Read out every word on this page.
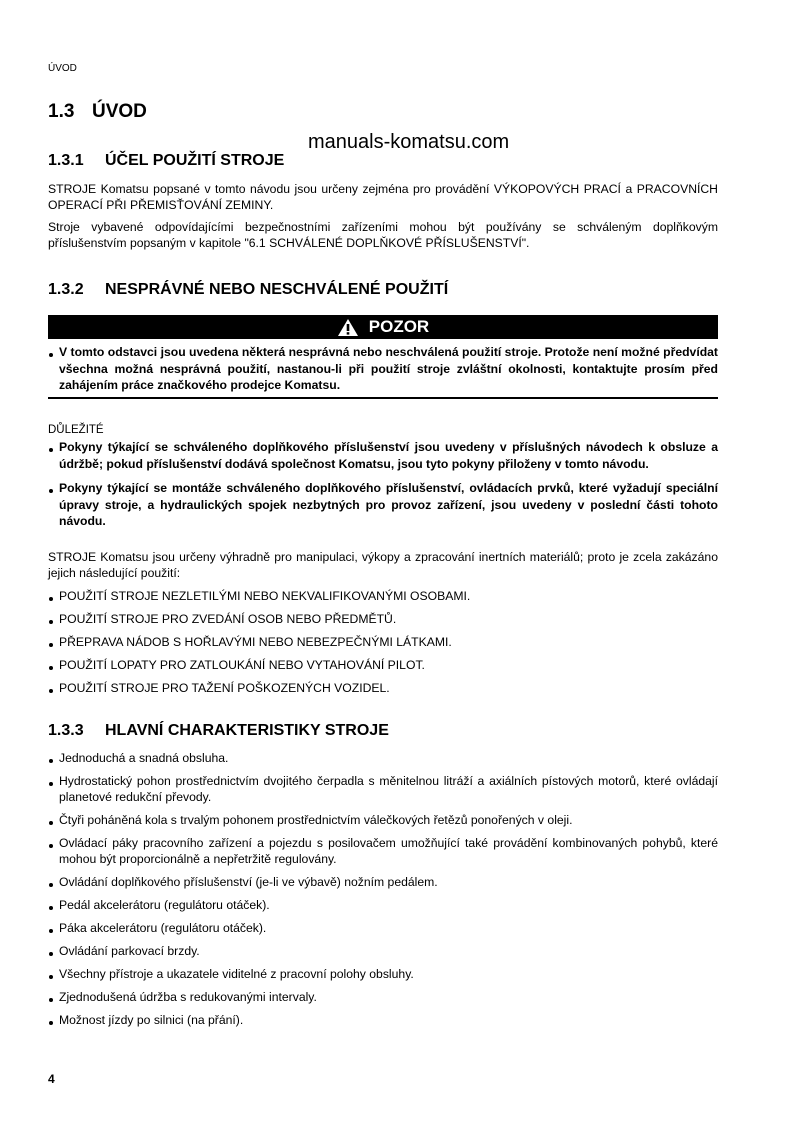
ÚVOD
1.3 ÚVOD
manuals-komatsu.com
1.3.1 ÚČEL POUŽITÍ STROJE

STROJE Komatsu popsané v tomto návodu jsou určeny zejména pro provádění VÝKOPOVÝCH PRACÍ a PRACOVNÍCH OPERACÍ PŘI PŘEMISŤOVÁNÍ ZEMINY.

Stroje vybavené odpovídajícími bezpečnostními zařízeními mohou být používány se schváleným doplňkovým příslušenstvím popsaným v kapitole "6.1 SCHVÁLENÉ DOPLŇKOVÉ PŘÍSLUŠENSTVÍ".

1.3.2 NESPRÁVNÉ NEBO NESCHVÁLENÉ POUŽITÍ
POZOR
V tomto odstavci jsou uvedena některá nesprávná nebo neschválená použití stroje. Protože není možné předvídat všechna možná nesprávná použití, nastanou-li při použití stroje zvláštní okolnosti, kontaktujte prosím před zahájením práce značkového prodejce Komatsu.
DŮLEŽITÉ
Pokyny týkající se schváleného doplňkového příslušenství jsou uvedeny v příslušných návodech k obsluze a údržbě; pokud příslušenství dodává společnost Komatsu, jsou tyto pokyny přiloženy v tomto návodu.
Pokyny týkající se montáže schváleného doplňkového příslušenství, ovládacích prvků, které vyžadují speciální úpravy stroje, a hydraulických spojek nezbytných pro provoz zařízení, jsou uvedeny v poslední části tohoto návodu.

STROJE Komatsu jsou určeny výhradně pro manipulaci, výkopy a zpracování inertních materiálů; proto je zcela zakázáno jejich následující použití:

POUŽITÍ STROJE NEZLETILÝMI NEBO NEKVALIFIKOVANÝMI OSOBAMI.
POUŽITÍ STROJE PRO ZVEDÁNÍ OSOB NEBO PŘEDMĚTŮ.
PŘEPRAVA NÁDOB S HOŘLAVÝMI NEBO NEBEZPEČNÝMI LÁTKAMI.
POUŽITÍ LOPATY PRO ZATLOUKÁNÍ NEBO VYTAHOVÁNÍ PILOT.
POUŽITÍ STROJE PRO TAŽENÍ POŠKOZENÝCH VOZIDEL.
1.3.3 HLAVNÍ CHARAKTERISTIKY STROJE
Jednoduchá a snadná obsluha.
Hydrostatický pohon prostřednictvím dvojitého čerpadla s měnitelnou litráží a axiálních pístových motorů, které ovládají planetové redukční převody.
Čtyři poháněná kola s trvalým pohonem prostřednictvím válečkových řetězů ponořených v oleji.
Ovládací páky pracovního zařízení a pojezdu s posilovačem umožňující také provádění kombinovaných pohybů, které mohou být proporcionálně a nepřetržitě regulovány.
Ovládání doplňkového příslušenství (je-li ve výbavě) nožním pedálem.
Pedál akcelerátoru (regulátoru otáček).
Páka akcelerátoru (regulátoru otáček).
Ovládání parkovací brzdy.
Všechny přístroje a ukazatele viditelné z pracovní polohy obsluhy.
Zjednodušená údržba s redukovanými intervaly.
Možnost jízdy po silnici (na přání).
4
